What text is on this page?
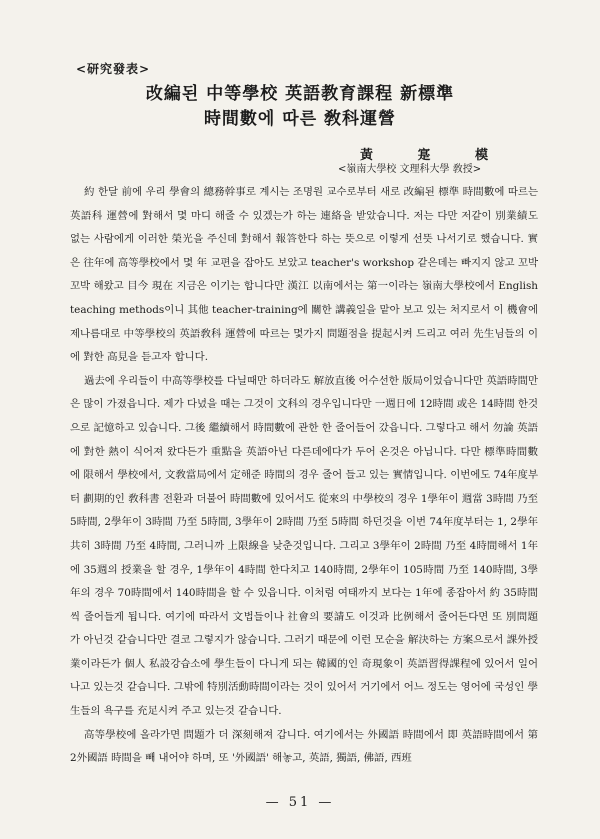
<研究發表>
改編된 中等學校 英語教育課程 新標準
時間數에 따른 敎科運營
黃 寔 模
<嶺南大學校 文理科大學 敎授>

約 한달 前에 우리 學會의 總務幹事로 계시는 조명원 교수로부터 새로 改編된 標準 時間數에 따르는 英語科 運營에 對해서 몇 마디 해줄 수 있겠는가 하는 連絡을 받았습니다. 저는 다만 저같이 別業績도 없는 사람에게 이러한 榮光을 주신데 對해서 報答한다 하는 뜻으로 이렇게 선뜻 나서기로 했습니다. 實은 往年에 高等學校에서 몇 年 교편을 잡아도 보았고 teacher's workshop 같은데는 빠지지 않고 꼬박꼬박 해왔고 目今 現在 지금은 이기는 합니다만 漢江 以南에서는 第一이라는 嶺南大學校에서 English teaching methods이니 其他 teacher-training에 關한 講義일을 맡아 보고 있는 처지로서 이 機會에 제나름대로 中等學校의 英語敎科 運營에 따르는 몇가지 問題점을 提起시켜 드리고 여러 先生님들의 이에 對한 高見을 듣고자 합니다.

過去에 우리들이 中高等學校를 다닐때만 하더라도 解放直後 어수선한 版局이었습니다만 英語時間만은 많이 가졌읍니다. 제가 다녔을 때는 그것이 文科의 경우입니다만 一週日에 12時間 或은 14時間 한것으로 記憶하고 있습니다. 그後 繼續해서 時間數에 관한 한 줄어들어 갔읍니다. 그렇다고 해서 勿論 英語에 對한 熱이 식어져 왔다든가 重點을 英語아닌 다른데에다가 두어 온것은 아닙니다. 다만 標準時間數에 限해서 學校에서, 文敎當局에서 定해준 時間의 경우 줄어 들고 있는 實情입니다. 이번에도 74年度부터 劃期的인 敎科書 전환과 더불어 時間數에 있어서도 從來의 中學校의 경우 1學年이 週當 3時間 乃至 5時間, 2學年이 3時間 乃至 5時間, 3學年이 2時間 乃至 5時間 하던것을 이번 74年度부터는 1, 2學年 共히 3時間 乃至 4時間, 그러니까 上限線을 낮춘것입니다. 그리고 3學年이 2時間 乃至 4時間해서 1年에 35週의 授業을 할 경우, 1學年이 4時間 한다치고 140時間, 2學年이 105時間 乃至 140時間, 3學年의 경우 70時間에서 140時間을 할 수 있읍니다. 이처럼 여태까지 보다는 1年에 종잡아서 約 35時間씩 줄어들게 됩니다. 여기에 따라서 文법들이나 社會의 要請도 이것과 比例해서 줄어든다면 또 別問題가 아닌것 같습니다만 결코 그렇지가 않습니다. 그러기 때문에 이런 모순을 解決하는 方案으로서 課外授業이라든가 個人 私設강습소에 學生들이 다니게 되는 韓國的인 奇現象이 英語習得課程에 있어서 일어나고 있는것 같습니다. 그밖에 特別活動時間이라는 것이 있어서 거기에서 어느 정도는 영어에 국성인 學生들의 욕구를 充足시켜 주고 있는것 같습니다.

高等學校에 올라가면 問題가 더 深刻해져 갑니다. 여기에서는 外國語 時間에서 即 英語時間에서 第2外國語 時間을 빼 내어야 하며, 또 '外國語' 해놓고, 英語, 獨語, 佛語, 西班

— 51 —
